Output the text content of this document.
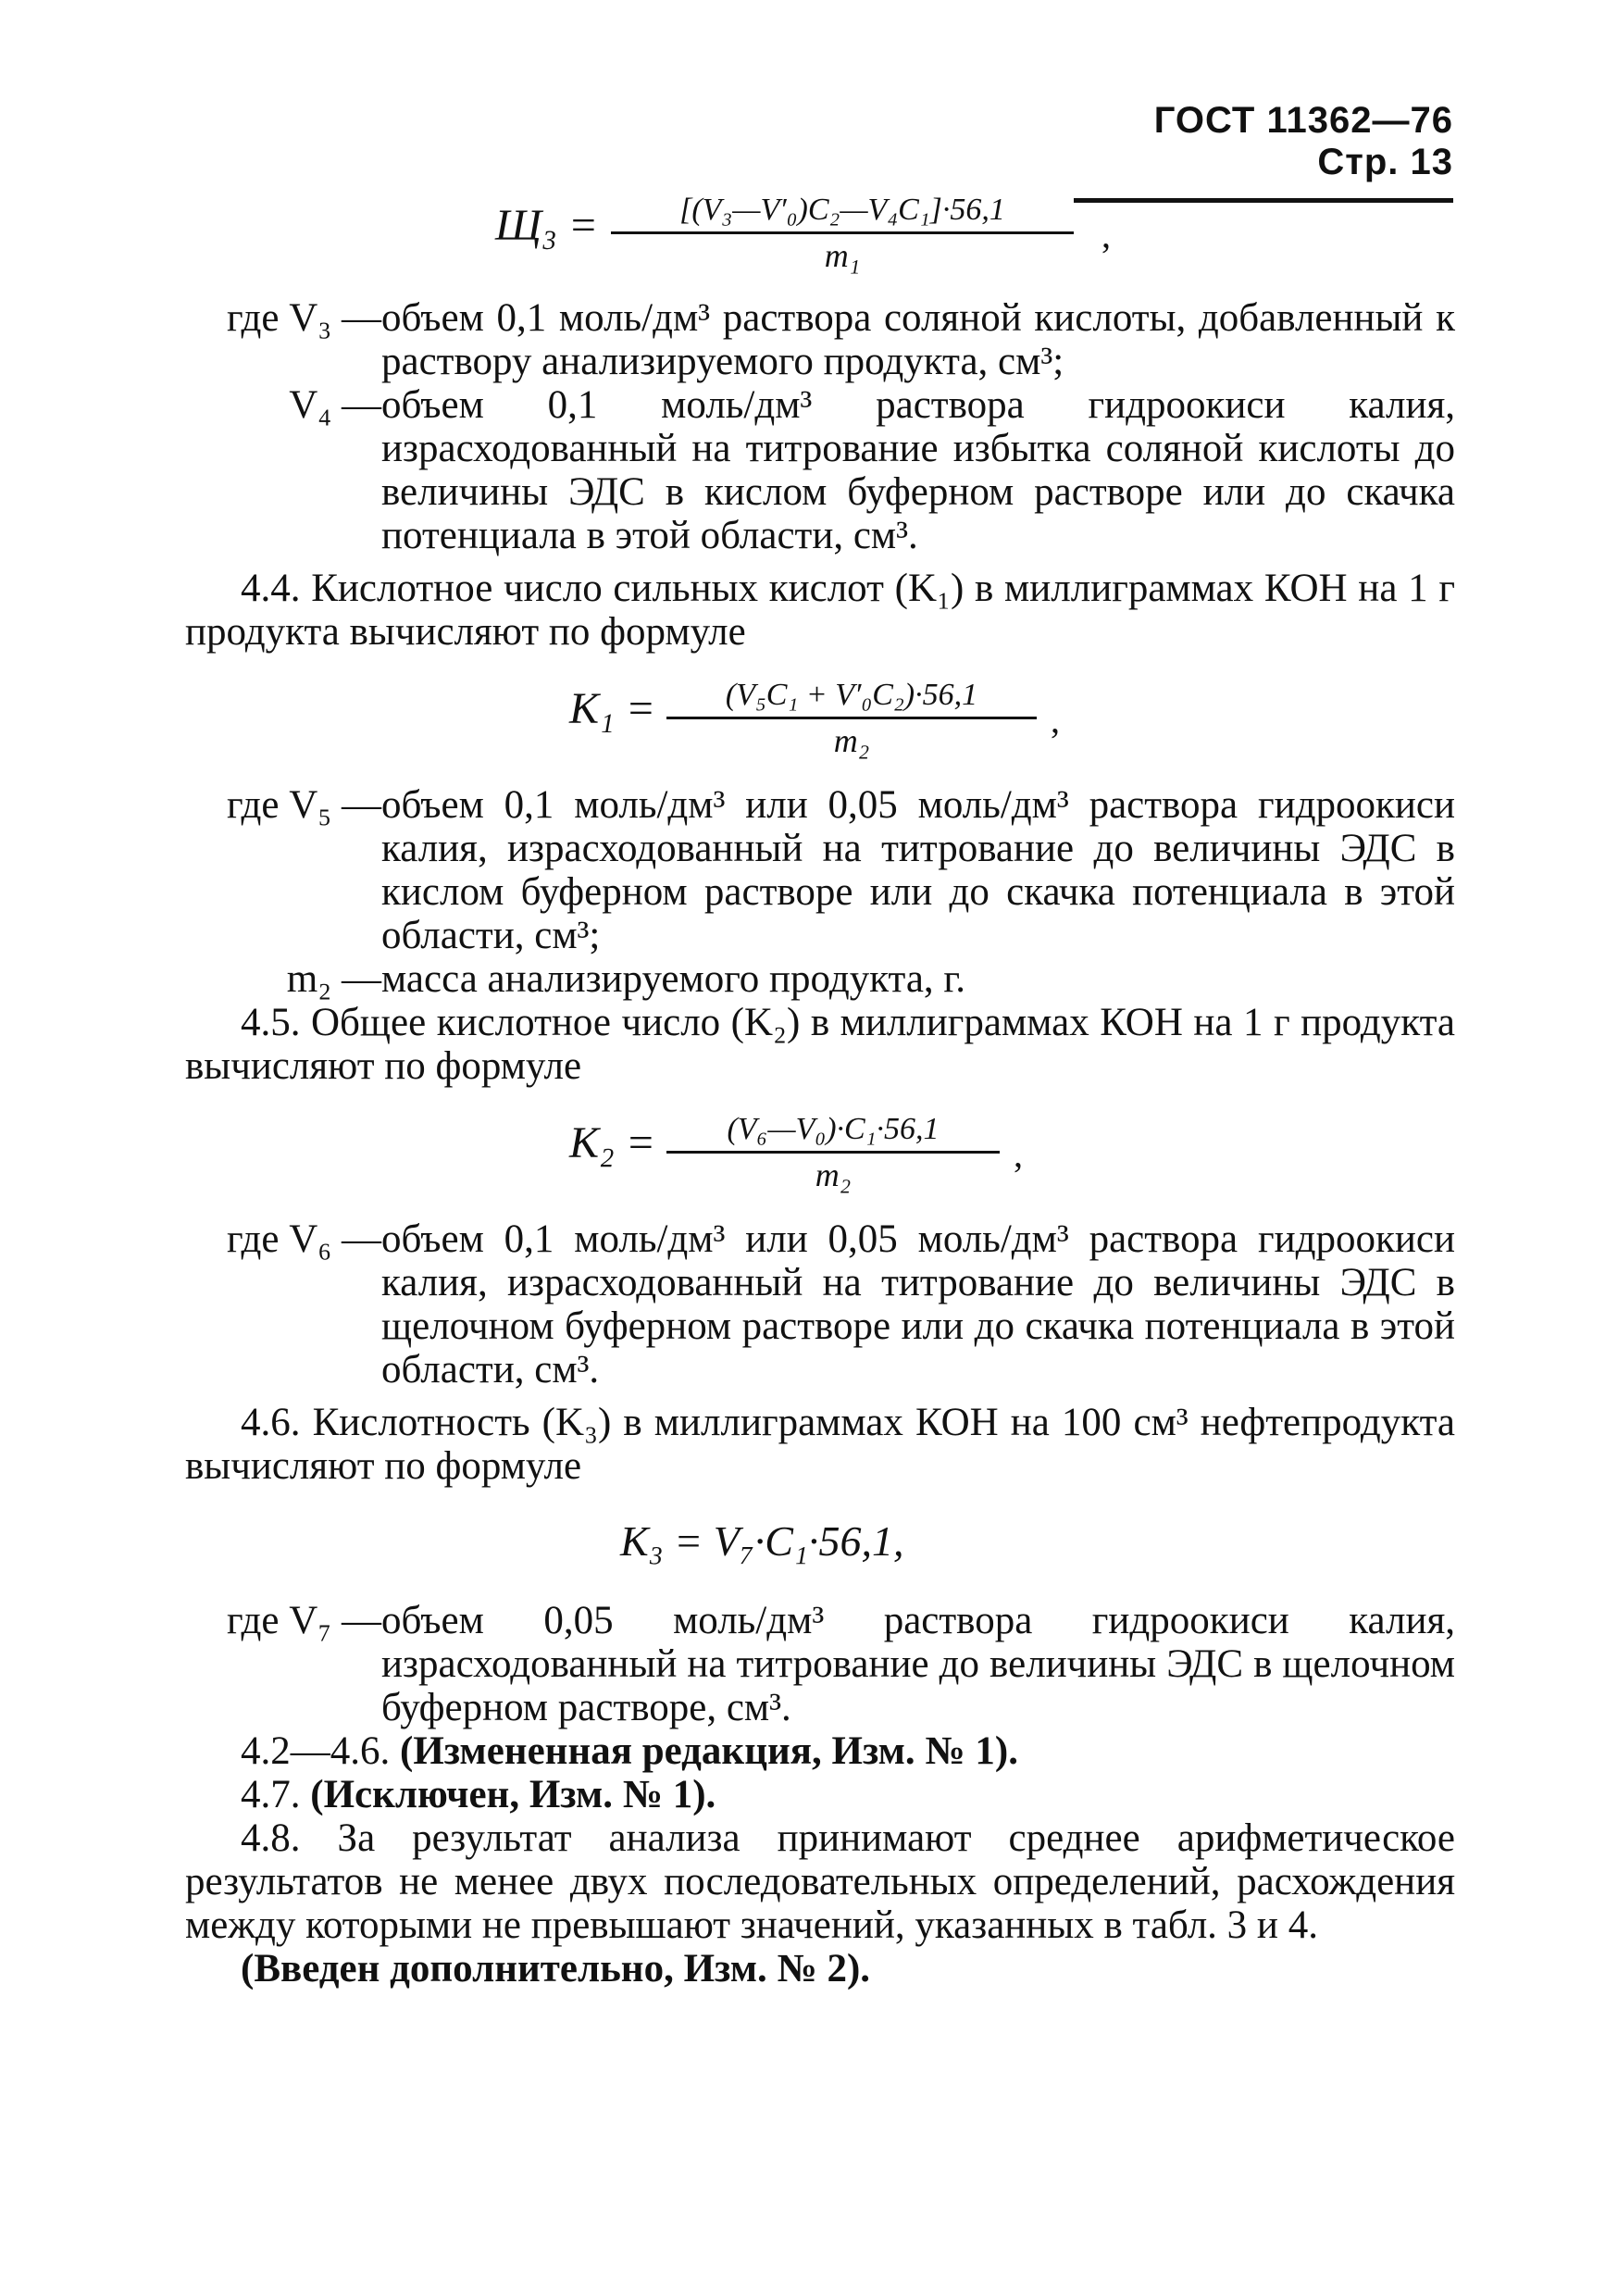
ГОСТ 11362—76 Стр. 13
$Щ_3 = \frac{\text{[(V₃—V′₀)C₂—V₄C₁]·56,1}}{\text{m₁}}$ ,
где V₃ — объем 0,1 моль/дм³ раствора соляной кислоты, добавленный к раствору анализируемого продукта, см³;
V₄ — объем 0,1 моль/дм³ раствора гидроокиси калия, израсходованный на титрование избытка соляной кислоты до величины ЭДС в кислом буферном растворе или до скачка потенциала в этой области, см³.
4.4. Кислотное число сильных кислот (K₁) в миллиграммах КОН на 1 г продукта вычисляют по формуле
$K_1 = \frac{\text{(V₅C₁ + V′₀C₂)·56,1}}{\text{m₂}}$ ,
где V₅ — объем 0,1 моль/дм³ или 0,05 моль/дм³ раствора гидроокиси калия, израсходованный на титрование до величины ЭДС в кислом буферном растворе или до скачка потенциала в этой области, см³;
m₂ — масса анализируемого продукта, г.
4.5. Общее кислотное число (K₂) в миллиграммах КОН на 1 г продукта вычисляют по формуле
$K_2 = \frac{\text{(V₆—V₀)·C₁·56,1}}{\text{m₂}}$ ,
где V₆ — объем 0,1 моль/дм³ или 0,05 моль/дм³ раствора гидроокиси калия, израсходованный на титрование до величины ЭДС в щелочном буферном растворе или до скачка потенциала в этой области, см³.
4.6. Кислотность (K₃) в миллиграммах КОН на 100 см³ нефтепродукта вычисляют по формуле
K₃ = V₇·C₁·56,1,
где V₇ — объем 0,05 моль/дм³ раствора гидроокиси калия, израсходованный на титрование до величины ЭДС в щелочном буферном растворе, см³.
4.2—4.6. (Измененная редакция, Изм. № 1).
4.7. (Исключен, Изм. № 1).
4.8. За результат анализа принимают среднее арифметическое результатов не менее двух последовательных определений, расхождения между которыми не превышают значений, указанных в табл. 3 и 4.
(Введен дополнительно, Изм. № 2).
